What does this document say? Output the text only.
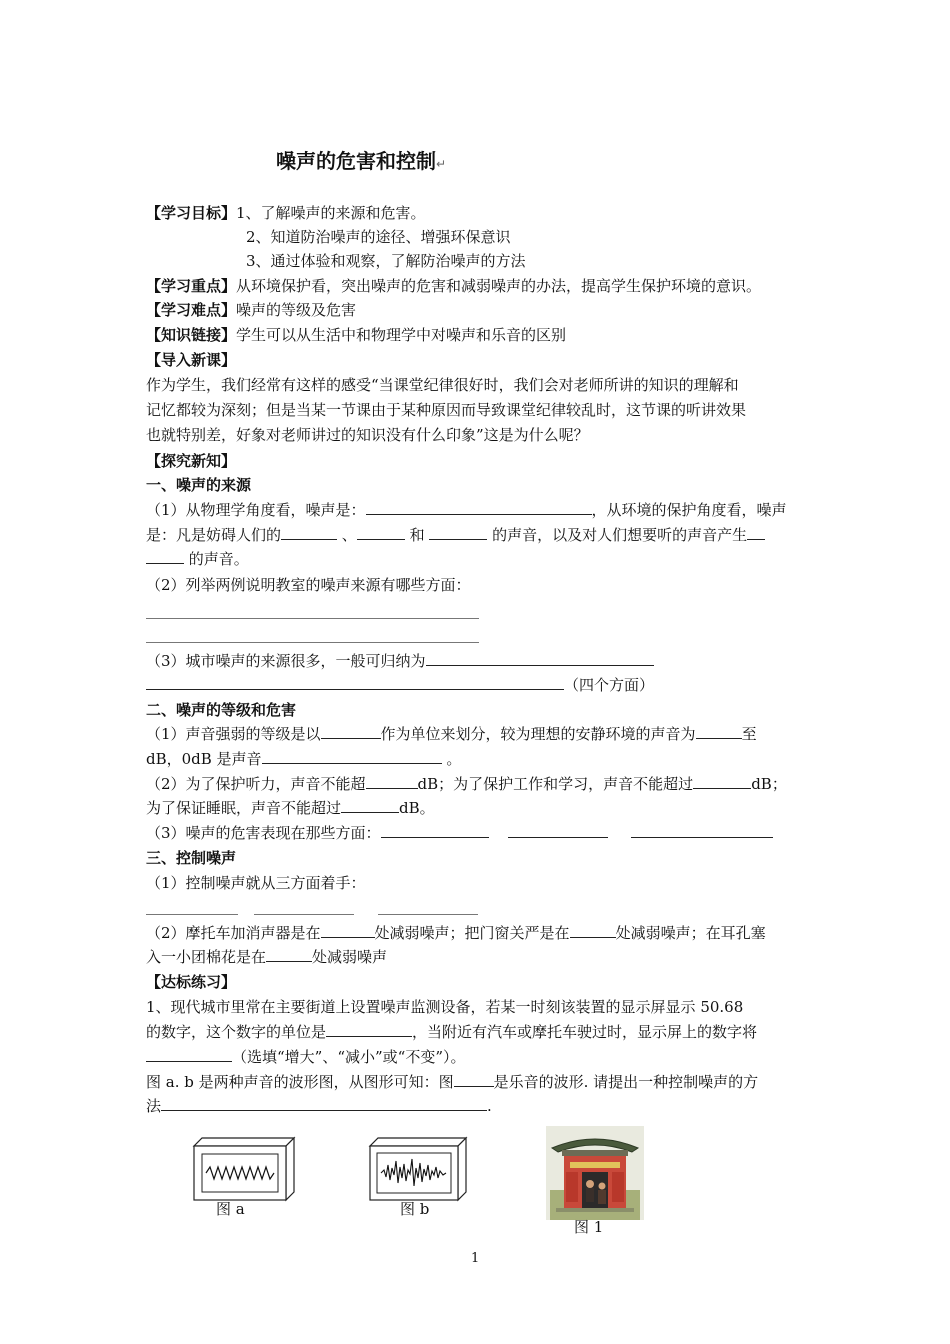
噪声的危害和控制↵
【学习目标】1、了解噪声的来源和危害。
2、知道防治噪声的途径、增强环保意识
3、通过体验和观察，了解防治噪声的方法
【学习重点】从环境保护看，突出噪声的危害和减弱噪声的办法，提高学生保护环境的意识。
【学习难点】噪声的等级及危害
【知识链接】学生可以从生活中和物理学中对噪声和乐音的区别
【导入新课】
作为学生，我们经常有这样的感受“当课堂纪律很好时，我们会对老师所讲的知识的理解和
记忆都较为深刻；但是当某一节课由于某种原因而导致课堂纪律较乱时，这节课的听讲效果
也就特别差，好象对老师讲过的知识没有什么印象”这是为什么呢？
【探究新知】
一、噪声的来源
（1）从物理学角度看，噪声是：	，从环境的保护角度看，噪声
是：凡是妨碍人们的	、	和	的声音，以及对人们想要听的声音产生
的声音。
（2）列举两例说明教室的噪声来源有哪些方面：
（3）城市噪声的来源很多，一般可归纳为
（四个方面）
二、噪声的等级和危害
（1）声音强弱的等级是以	作为单位来划分，较为理想的安静环境的声音为	至
dB，0dB 是声音	。
（2）为了保护听力，声音不能超	dB；为了保护工作和学习，声音不能超过	dB；
为了保证睡眠，声音不能超过	dB。
（3）噪声的危害表现在那些方面：
三、控制噪声
（1）控制噪声就从三方面着手：
（2）摩托车加消声器是在	处减弱噪声；把门窗关严是在	处减弱噪声；在耳孔塞
入一小团棉花是在	处减弱噪声
【达标练习】
1、现代城市里常在主要街道上设置噪声监测设备，若某一时刻该装置的显示屏显示 50.68
的数字，这个数字的单位是	，当附近有汽车或摩托车驶过时，显示屏上的数字将
（选填“增大”、“减小”或“不变”）。
图 a. b 是两种声音的波形图，从图形可知：图	是乐音的波形. 请提出一种控制噪声的方
法	.
图 a	图 b
图 1
1
